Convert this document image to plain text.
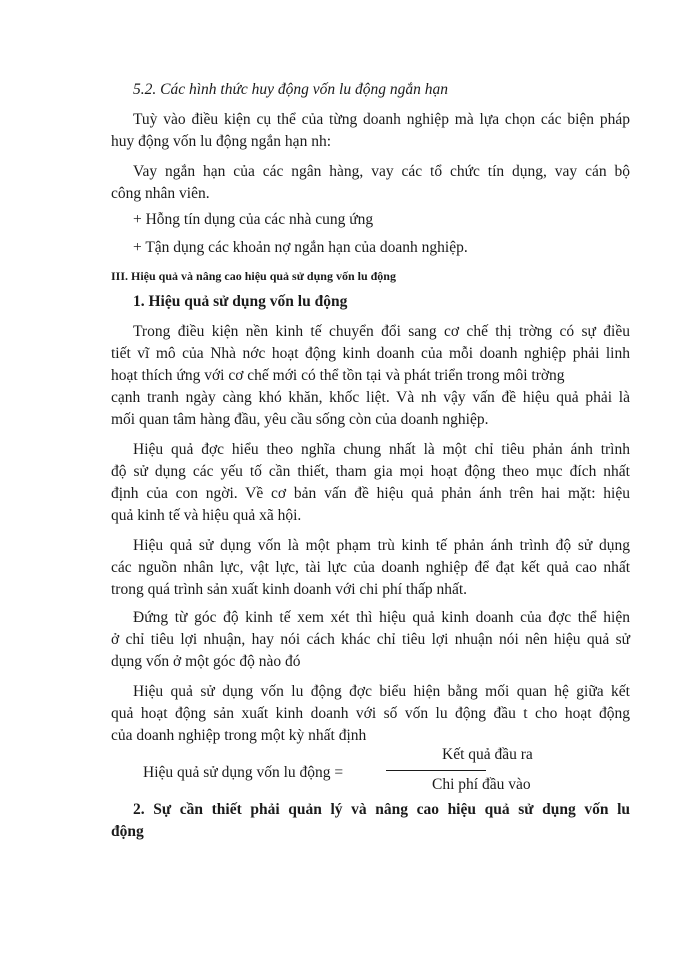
5.2. Các hình thức huy động vốn lu động ngắn hạn
Tuỳ vào điều kiện cụ thể của từng doanh nghiệp mà lựa chọn các biện pháp
huy động vốn lu động ngắn hạn nh:
Vay ngắn hạn của các ngân hàng, vay các tổ chức tín dụng, vay cán bộ
công nhân viên.
+ Hỗng tín dụng của các nhà cung ứng
+ Tận dụng các khoản nợ ngắn hạn của doanh nghiệp.
III. Hiệu quả và nâng cao hiệu quả sử dụng vốn lu động
1. Hiệu quả sử dụng vốn lu động
Trong điều kiện nền kinh tế chuyển đổi sang cơ chế thị trờng có sự điều
tiết vĩ mô của Nhà nớc hoạt động kinh doanh của mỗi doanh nghiệp phải linh
hoạt thích ứng với cơ chế mới có thể tồn tại và phát triển trong môi trờng
cạnh tranh ngày càng khó khăn, khốc liệt. Và nh vậy vấn đề hiệu quả phải là
mối quan tâm hàng đầu, yêu cầu sống còn của doanh nghiệp.
Hiệu quả đợc hiểu theo nghĩa chung nhất là một chỉ tiêu phản ánh trình
độ sử dụng các yếu tố cần thiết, tham gia mọi hoạt động theo mục đích nhất
định của con ngời. Về cơ bản vấn đề hiệu quả phản ánh trên hai mặt: hiệu
quả kinh tế và hiệu quả xã hội.
Hiệu quả sử dụng vốn là một phạm trù kinh tế phản ánh trình độ sử dụng
các nguồn nhân lực, vật lực, tài lực của doanh nghiệp để đạt kết quả cao nhất
trong quá trình sản xuất kinh doanh với chi phí thấp nhất.
Đứng từ góc độ kinh tế xem xét thì hiệu quả kinh doanh của đợc thể hiện
ở chỉ tiêu lợi nhuận, hay nói cách khác chỉ tiêu lợi nhuận nói nên hiệu quả sử
dụng vốn ở một góc độ nào đó
Hiệu quả sử dụng vốn lu động đợc biểu hiện bằng mối quan hệ giữa kết
quả hoạt động sản xuất kinh doanh với số vốn lu động đầu t cho hoạt động
của doanh nghiệp trong một kỳ nhất định
Hiệu quả sử dụng vốn lu động =
Kết quả đầu ra
Chi phí đầu vào
2. Sự cần thiết phải quản lý và nâng cao hiệu quả sử dụng vốn lu
động
